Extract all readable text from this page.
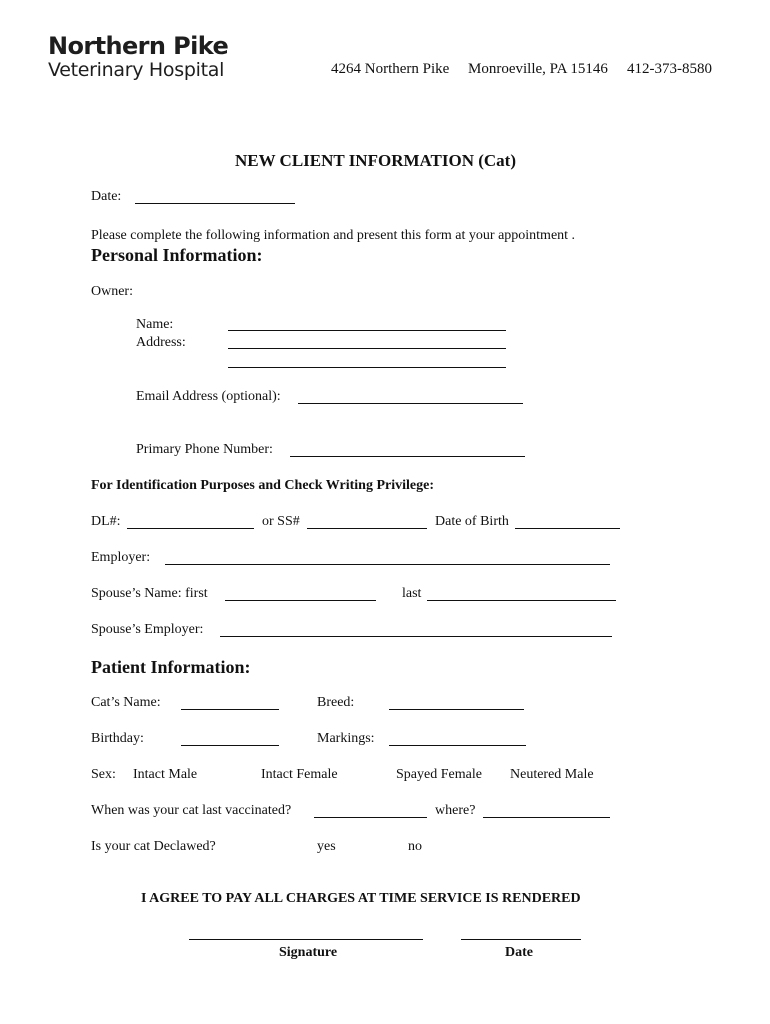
Northern Pike
Veterinary Hospital	4264 Northern Pike Monroeville, PA 15146 412-373-8580
NEW CLIENT INFORMATION (Cat)
Date:
Please complete the following information and present this form at your appointment .
Personal Information:
Owner:
Name:
Address:
Email Address (optional):
Primary Phone Number:
For Identification Purposes and Check Writing Privilege:
DL#:	or SS#	Date of Birth
Employer:
Spouse’s Name: first	last
Spouse’s Employer:
Patient Information:
Cat’s Name:	Breed:
Birthday:	Markings:
Sex: Intact Male	Intact Female	Spayed Female Neutered Male
When was your cat last vaccinated?	where?
Is your cat Declawed?	yes	no
I AGREE TO PAY ALL CHARGES AT TIME SERVICE IS RENDERED
Signature	Date
